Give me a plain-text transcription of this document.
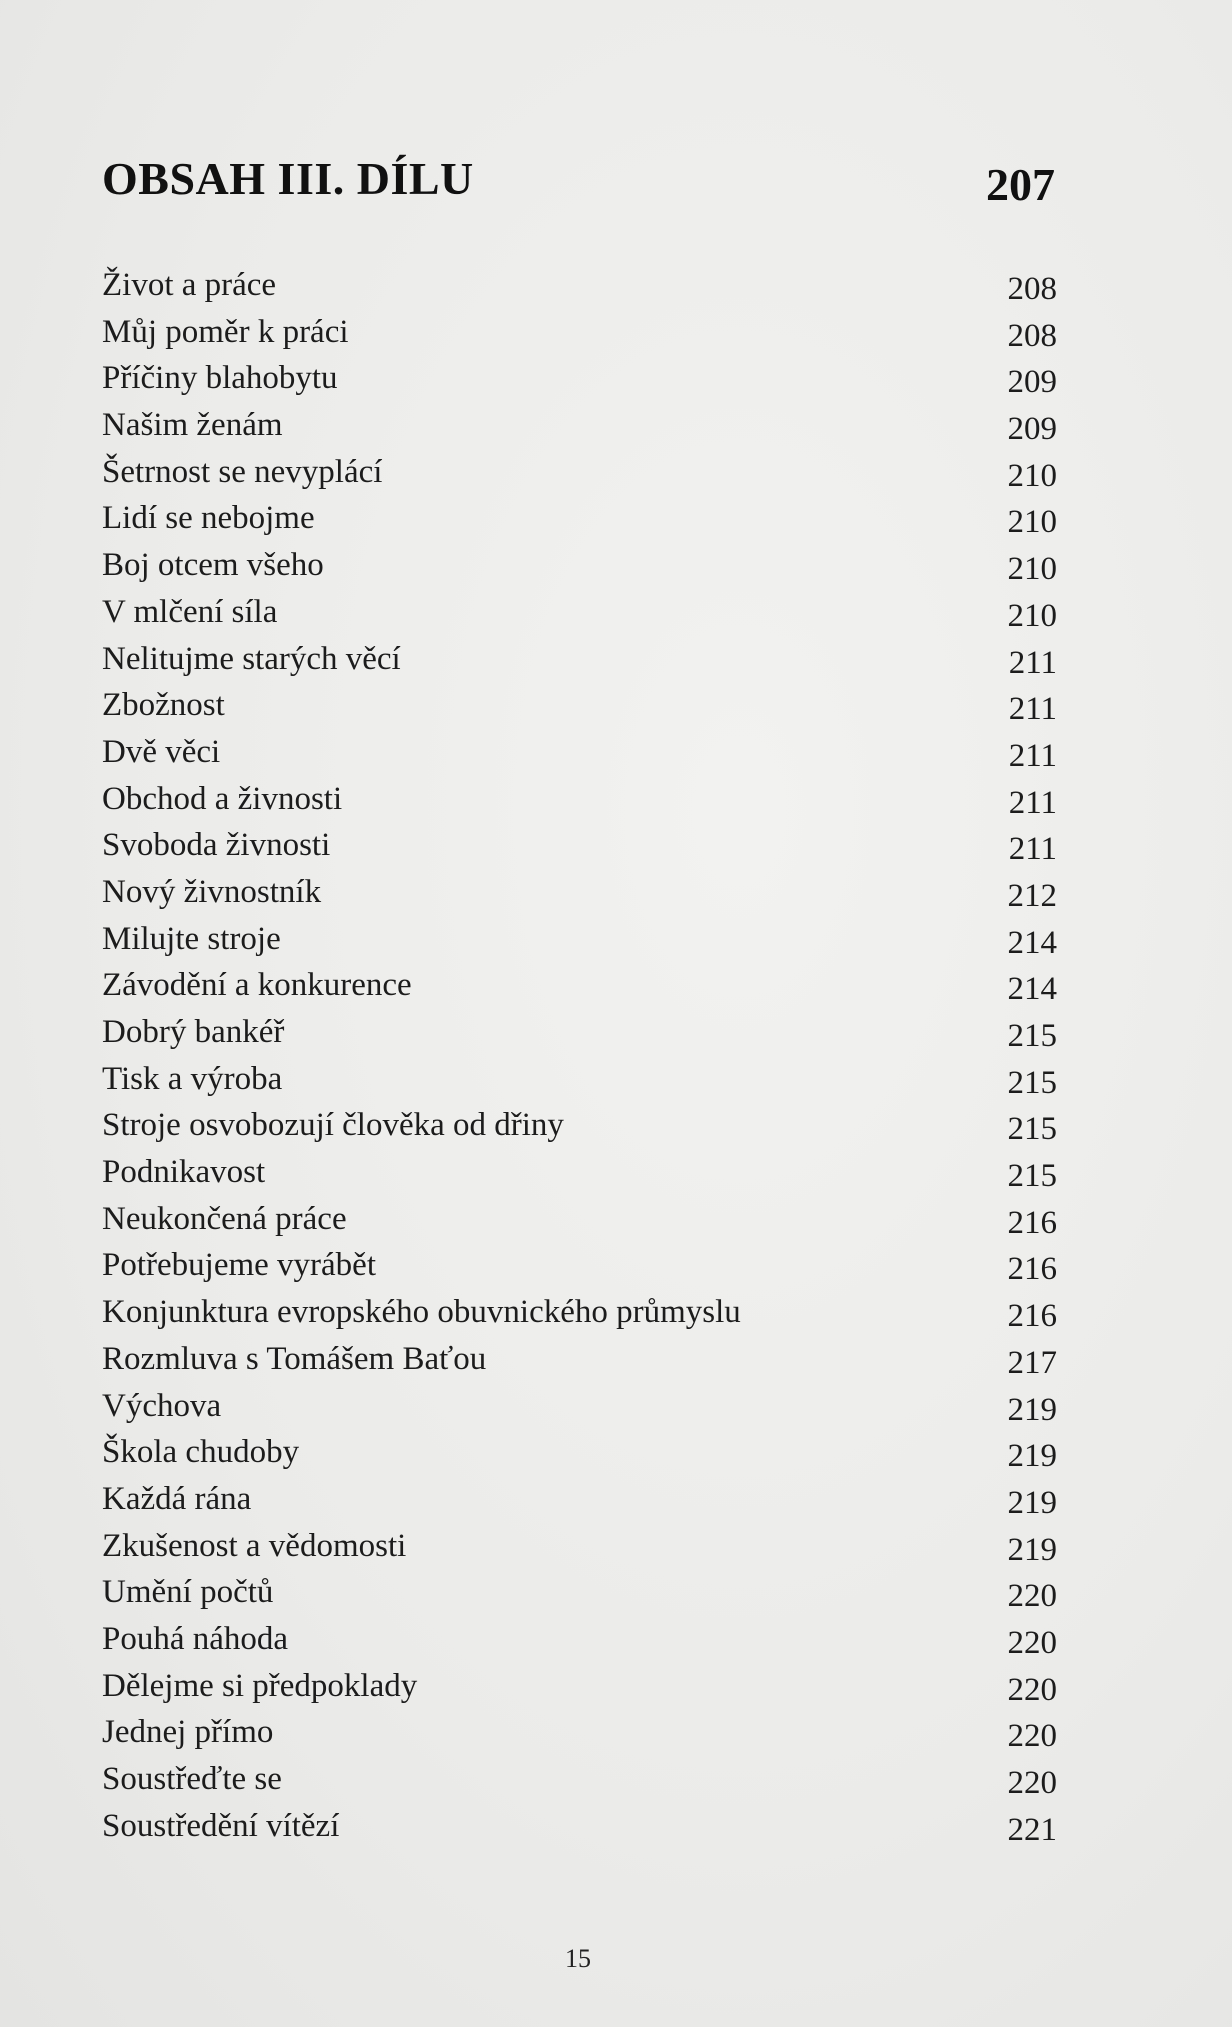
OBSAH III. DÍLU	207
Život a práce	208
Můj poměr k práci	208
Příčiny blahobytu	209
Našim ženám	209
Šetrnost se nevyplácí	210
Lidí se nebojme	210
Boj otcem všeho	210
V mlčení síla	210
Nelitujme starých věcí	211
Zbožnost	211
Dvě věci	211
Obchod a živnosti	211
Svoboda živnosti	211
Nový živnostník	212
Milujte stroje	214
Závodění a konkurence	214
Dobrý bankéř	215
Tisk a výroba	215
Stroje osvobozují člověka od dřiny	215
Podnikavost	215
Neukončená práce	216
Potřebujeme vyrábět	216
Konjunktura evropského obuvnického průmyslu	216
Rozmluva s Tomášem Baťou	217
Výchova	219
Škola chudoby	219
Každá rána	219
Zkušenost a vědomosti	219
Umění počtů	220
Pouhá náhoda	220
Dělejme si předpoklady	220
Jednej přímo	220
Soustřeďte se	220
Soustředění vítězí	221
15
